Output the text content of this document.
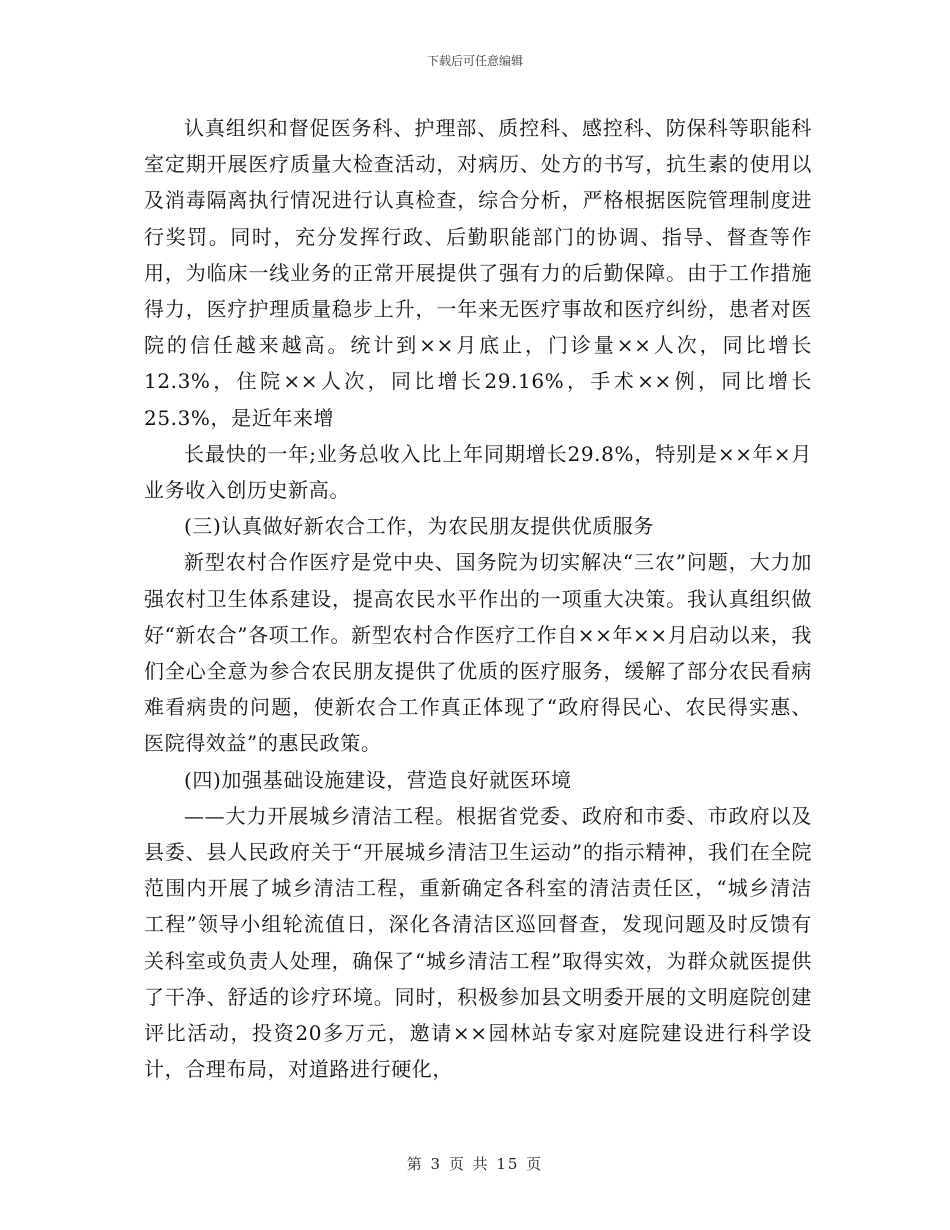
下载后可任意编辑

认真组织和督促医务科、护理部、质控科、感控科、防保科等职能科室定期开展医疗质量大检查活动，对病历、处方的书写，抗生素的使用以及消毒隔离执行情况进行认真检查，综合分析，严格根据医院管理制度进行奖罚。同时，充分发挥行政、后勤职能部门的协调、指导、督查等作用，为临床一线业务的正常开展提供了强有力的后勤保障。由于工作措施得力，医疗护理质量稳步上升，一年来无医疗事故和医疗纠纷，患者对医院的信任越来越高。统计到××月底止，门诊量××人次，同比增长12.3%，住院××人次，同比增长29.16%，手术××例，同比增长25.3%，是近年来增

长最快的一年;业务总收入比上年同期增长29.8%，特别是××年×月业务收入创历史新高。

(三)认真做好新农合工作，为农民朋友提供优质服务

新型农村合作医疗是党中央、国务院为切实解决“三农”问题，大力加强农村卫生体系建设，提高农民水平作出的一项重大决策。我认真组织做好“新农合”各项工作。新型农村合作医疗工作自××年××月启动以来，我们全心全意为参合农民朋友提供了优质的医疗服务，缓解了部分农民看病难看病贵的问题，使新农合工作真正体现了“政府得民心、农民得实惠、医院得效益”的惠民政策。

(四)加强基础设施建设，营造良好就医环境

——大力开展城乡清洁工程。根据省党委、政府和市委、市政府以及县委、县人民政府关于“开展城乡清洁卫生运动”的指示精神，我们在全院范围内开展了城乡清洁工程，重新确定各科室的清洁责任区，“城乡清洁工程”领导小组轮流值日，深化各清洁区巡回督查，发现问题及时反馈有关科室或负责人处理，确保了“城乡清洁工程”取得实效，为群众就医提供了干净、舒适的诊疗环境。同时，积极参加县文明委开展的文明庭院创建评比活动，投资20多万元，邀请××园林站专家对庭院建设进行科学设计，合理布局，对道路进行硬化，

第 3 页 共 15 页
